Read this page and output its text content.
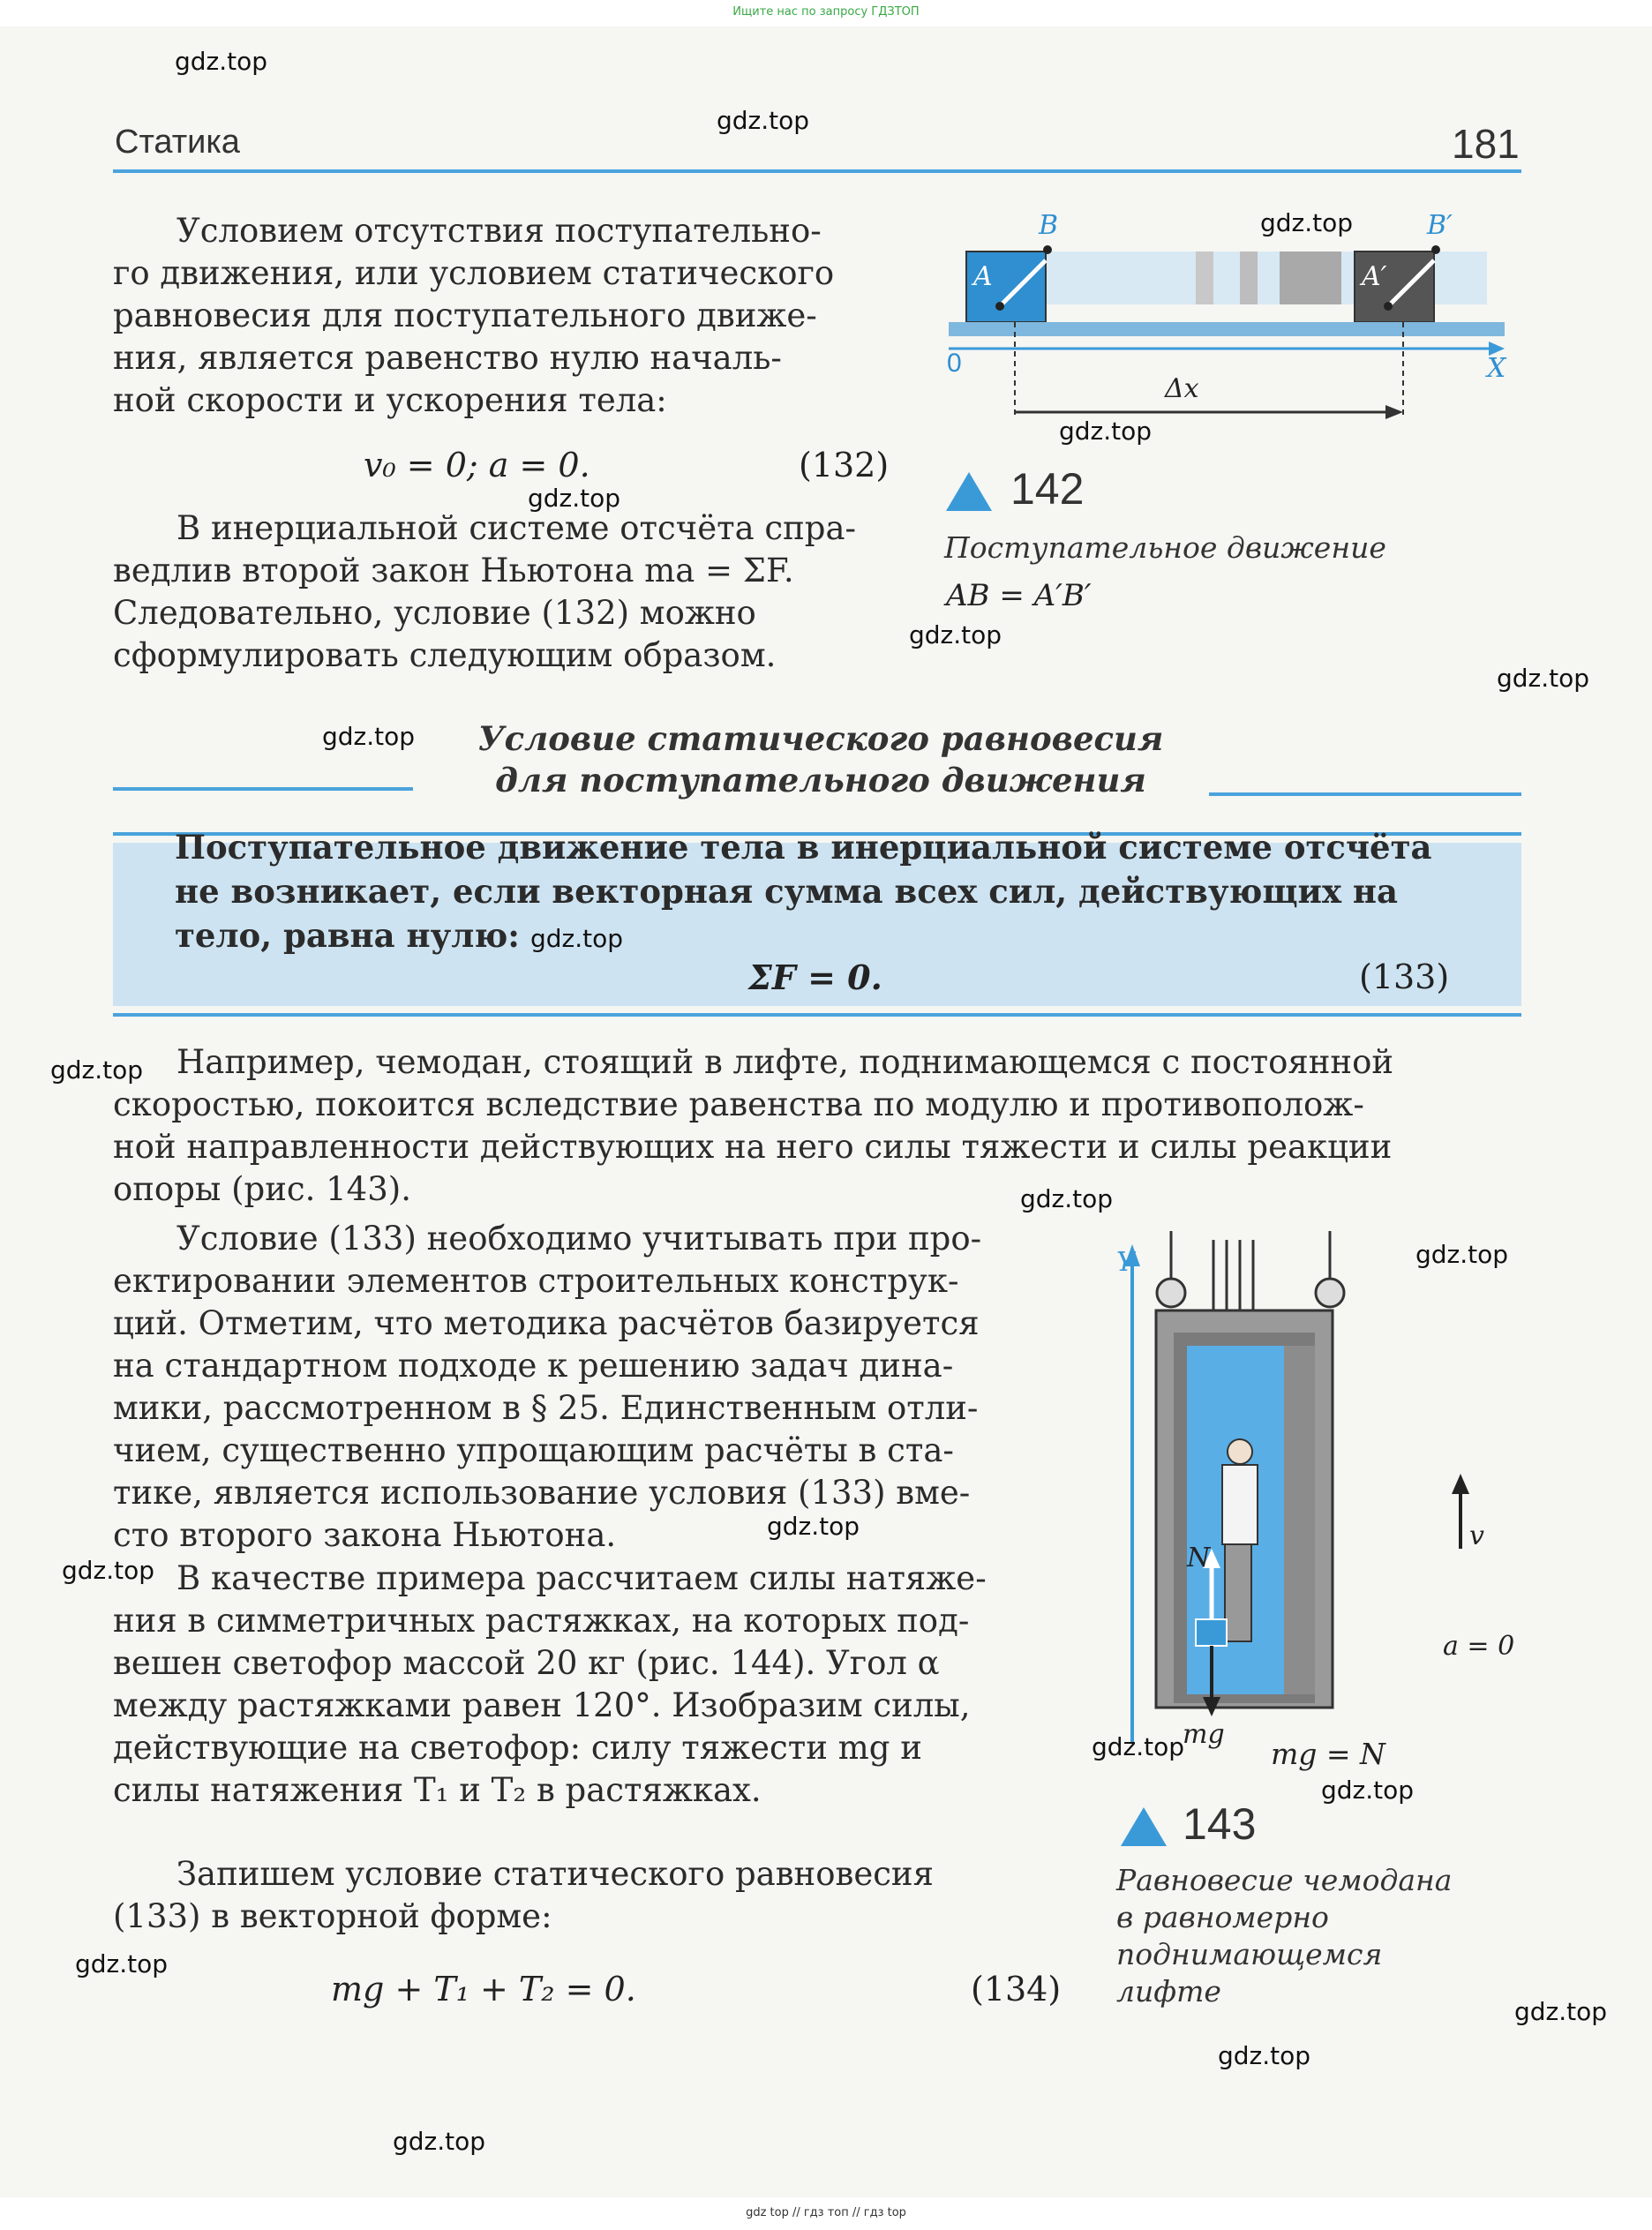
Ищите нас по запросу ГДЗТОП
Статика	181
Условием отсутствия поступательно-
го движения, или условием статического
равновесия для поступательного движе-
ния, является равенство нулю началь-
ной скорости и ускорения тела:
v₀ = 0; a = 0.	(132)
В инерциальной системе отсчёта спра-
ведлив второй закон Ньютона ma = ΣF.
Следовательно, условие (132) можно
сформулировать следующим образом.
A
B
A′
B′
0	X
Δx
142
Поступательное движение
AB = A′B′
Условие статического равновесия
для поступательного движения
Поступательное движение тела в инерциальной системе отсчёта
не возникает, если векторная сумма всех сил, действующих на
тело, равна нулю:
ΣF = 0.	(133)
Например, чемодан, стоящий в лифте, поднимающемся с постоянной
скоростью, покоится вследствие равенства по модулю и противополож-
ной направленности действующих на него силы тяжести и силы реакции
опоры (рис. 143).
Условие (133) необходимо учитывать при про-
ектировании элементов строительных конструк-
ций. Отметим, что методика расчётов базируется
на стандартном подходе к решению задач дина-
мики, рассмотренном в § 25. Единственным отли-
чием, существенно упрощающим расчёты в ста-
тике, является использование условия (133) вме-
сто второго закона Ньютона.
В качестве примера рассчитаем силы натяже-
ния в симметричных растяжках, на которых под-
вешен светофор массой 20 кг (рис. 144). Угол α
между растяжками равен 120°. Изобразим силы,
действующие на светофор: силу тяжести mg и
силы натяжения T₁ и T₂ в растяжках.
Запишем условие статического равновесия
(133) в векторной форме:
mg + T₁ + T₂ = 0.	(134)
Y
N
mg
v
a = 0
mg = N
143
Равновесие чемодана
в равномерно
поднимающемся
лифте
gdz.top
gdz.top
gdz.top
gdz.top
gdz.top
gdz.top
gdz.top
gdz.top
gdz.top
gdz.top
gdz.top
gdz.top
gdz.top
gdz.top
gdz.top
gdz.top
gdz.top
gdz.top
gdz.top
gdz.top
gdz top // гдз топ // гдз top
